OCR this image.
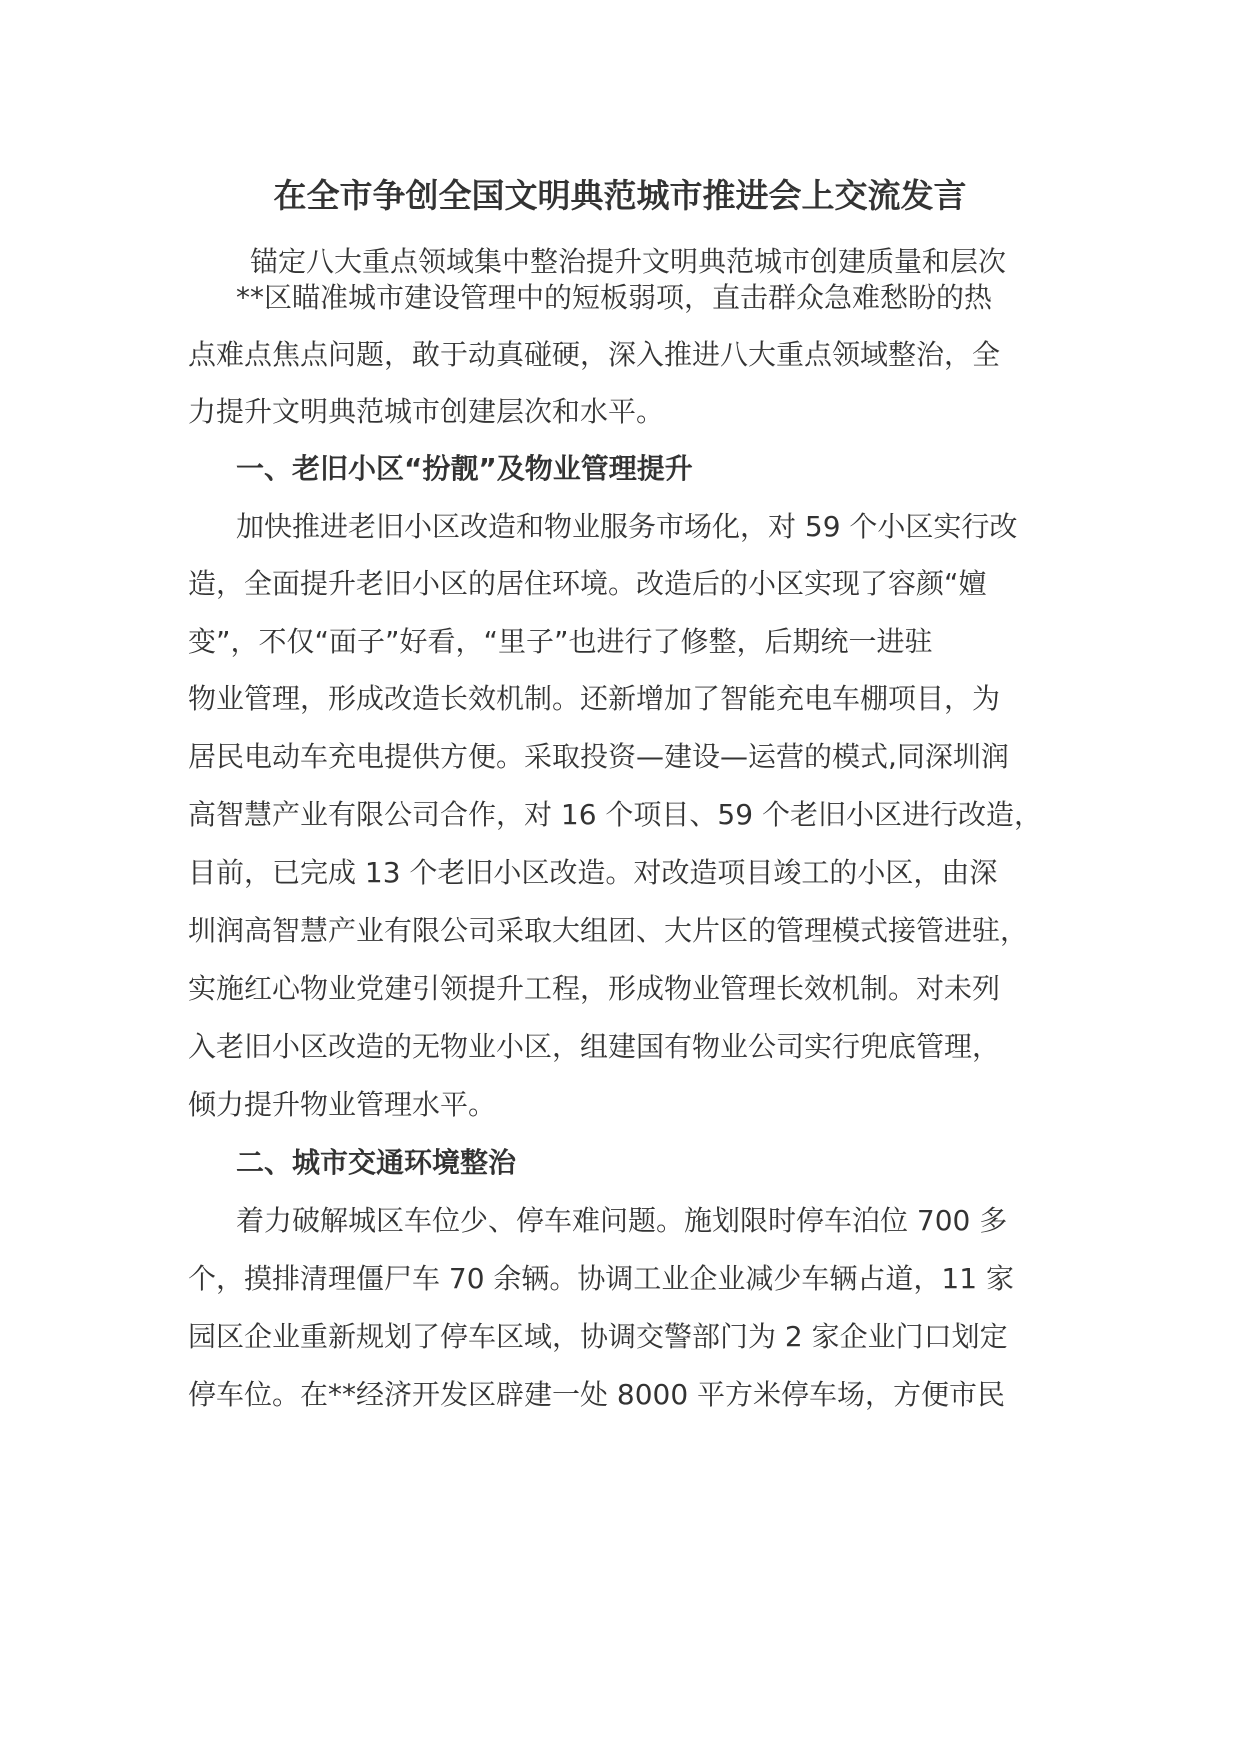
在全市争创全国文明典范城市推进会上交流发言
锚定八大重点领域集中整治提升文明典范城市创建质量和层次
**区瞄准城市建设管理中的短板弱项，直击群众急难愁盼的热
点难点焦点问题，敢于动真碰硬，深入推进八大重点领域整治，全
力提升文明典范城市创建层次和水平。
一、老旧小区“扮靓”及物业管理提升
加快推进老旧小区改造和物业服务市场化，对 59 个小区实行改
造，全面提升老旧小区的居住环境。改造后的小区实现了容颜“嬗
变”，不仅“面子”好看，“里子”也进行了修整，后期统一进驻
物业管理，形成改造长效机制。还新增加了智能充电车棚项目，为
居民电动车充电提供方便。采取投资—建设—运营的模式,同深圳润
高智慧产业有限公司合作，对 16 个项目、59 个老旧小区进行改造，
目前，已完成 13 个老旧小区改造。对改造项目竣工的小区，由深
圳润高智慧产业有限公司采取大组团、大片区的管理模式接管进驻，
实施红心物业党建引领提升工程，形成物业管理长效机制。对未列
入老旧小区改造的无物业小区，组建国有物业公司实行兜底管理，
倾力提升物业管理水平。
二、城市交通环境整治
着力破解城区车位少、停车难问题。施划限时停车泊位 700 多
个，摸排清理僵尸车 70 余辆。协调工业企业减少车辆占道，11 家
园区企业重新规划了停车区域，协调交警部门为 2 家企业门口划定
停车位。在**经济开发区辟建一处 8000 平方米停车场，方便市民
